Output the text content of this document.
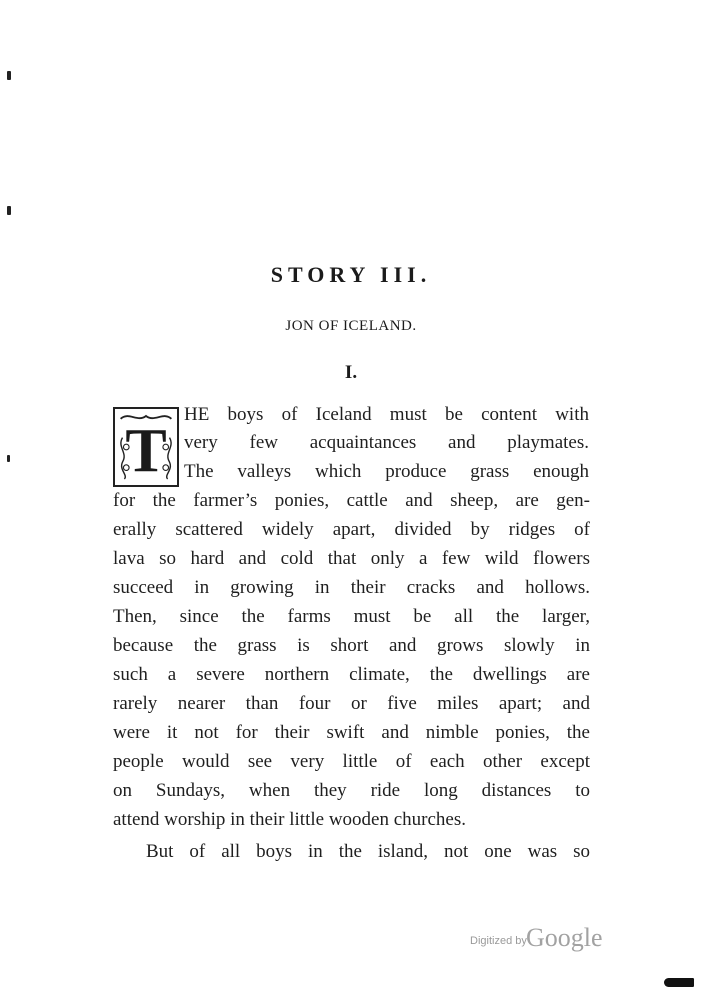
STORY III.
JON OF ICELAND.
I.
T
HE boys of Iceland must be content with
very few acquaintances and playmates.
The valleys which produce grass enough
for the farmer’s ponies, cattle and sheep, are gen-
erally scattered widely apart, divided by ridges of
lava so hard and cold that only a few wild flowers
succeed in growing in their cracks and hollows.
Then, since the farms must be all the larger,
because the grass is short and grows slowly in
such a severe northern climate, the dwellings are
rarely nearer than four or five miles apart; and
were it not for their swift and nimble ponies, the
people would see very little of each other except
on Sundays, when they ride long distances to
attend worship in their little wooden churches.
But of all boys in the island, not one was so
Digitized by Google
